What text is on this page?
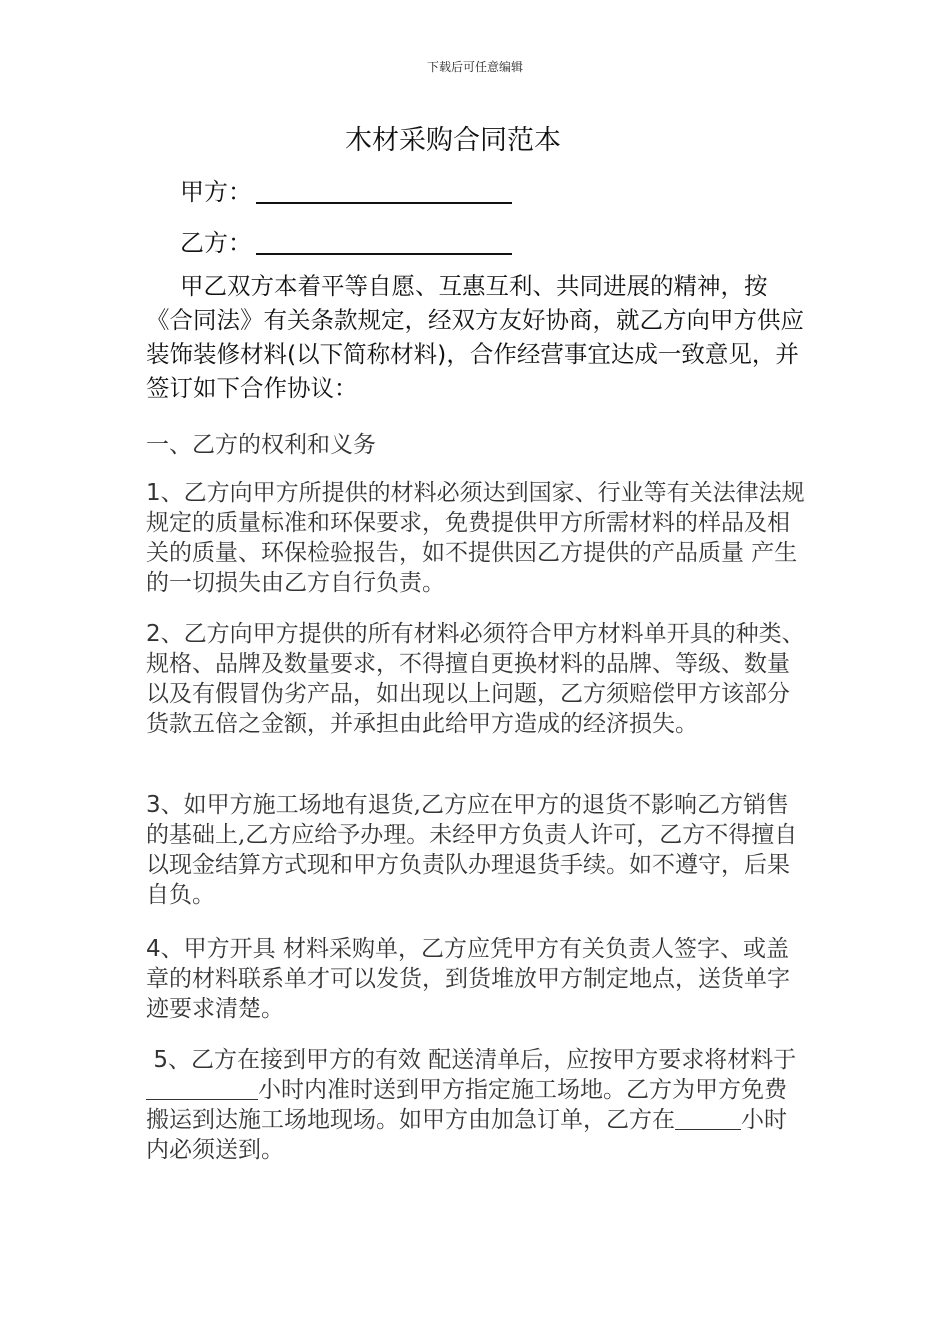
下载后可任意编辑
木材采购合同范本
甲方：
乙方：
甲乙双方本着平等自愿、互惠互利、共同进展的精神，按《合同法》有关条款规定，经双方友好协商，就乙方向甲方供应装饰装修材料(以下简称材料)，合作经营事宜达成一致意见，并签订如下合作协议：
一、乙方的权利和义务
1、乙方向甲方所提供的材料必须达到国家、行业等有关法律法规规定的质量标准和环保要求，免费提供甲方所需材料的样品及相关的质量、环保检验报告，如不提供因乙方提供的产品质量 产生的一切损失由乙方自行负责。
2、乙方向甲方提供的所有材料必须符合甲方材料单开具的种类、规格、品牌及数量要求，不得擅自更换材料的品牌、等级、数量以及有假冒伪劣产品，如出现以上问题，乙方须赔偿甲方该部分货款五倍之金额，并承担由此给甲方造成的经济损失。
3、如甲方施工场地有退货,乙方应在甲方的退货不影响乙方销售的基础上,乙方应给予办理。未经甲方负责人许可，乙方不得擅自以现金结算方式现和甲方负责队办理退货手续。如不遵守，后果自负。
4、甲方开具 材料采购单，乙方应凭甲方有关负责人签字、或盖章的材料联系单才可以发货，到货堆放甲方制定地点，送货单字迹要求清楚。
5、乙方在接到甲方的有效 配送清单后，应按甲方要求将材料于 小时内准时送到甲方指定施工场地。乙方为甲方免费搬运到达施工场地现场。如甲方由加急订单，乙方在	小时内必须送到。
